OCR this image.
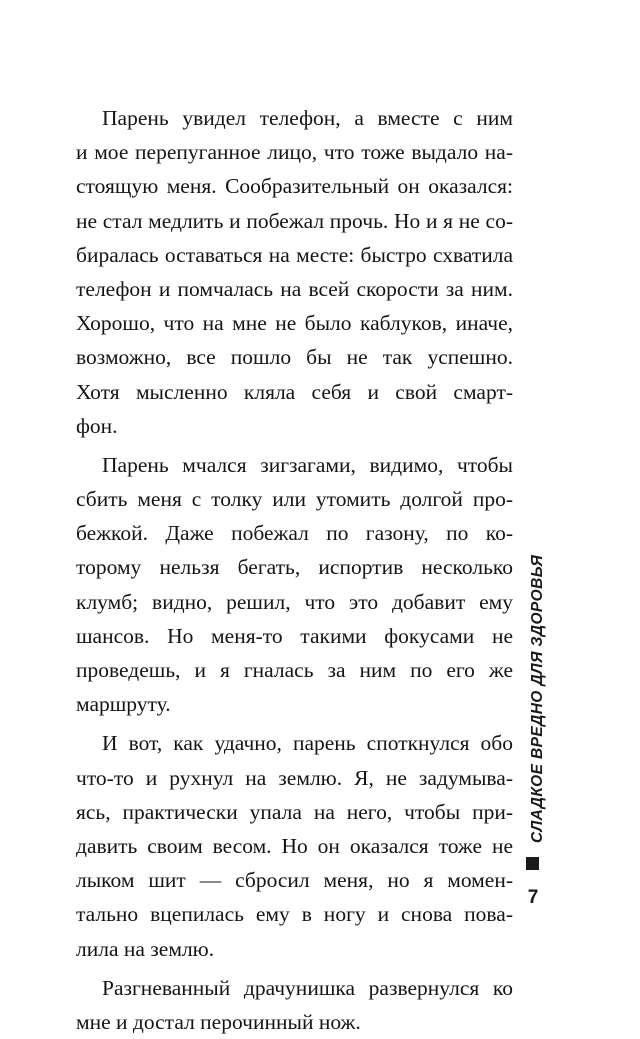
Парень увидел телефон, а вместе с ним
и мое перепуганное лицо, что тоже выдало на-
стоящую меня. Сообразительный он оказался:
не стал медлить и побежал прочь. Но и я не со-
биралась оставаться на месте: быстро схватила
телефон и помчалась на всей скорости за ним.
Хорошо, что на мне не было каблуков, иначе,
возможно, все пошло бы не так успешно.
Хотя мысленно кляла себя и свой смарт-
фон.
Парень мчался зигзагами, видимо, чтобы
сбить меня с толку или утомить долгой про-
бежкой. Даже побежал по газону, по ко-
торому нельзя бегать, испортив несколько
клумб; видно, решил, что это добавит ему
шансов. Но меня-то такими фокусами не
проведешь, и я гналась за ним по его же
маршруту.
И вот, как удачно, парень споткнулся обо
что-то и рухнул на землю. Я, не задумыва-
ясь, практически упала на него, чтобы при-
давить своим весом. Но он оказался тоже не
лыком шит — сбросил меня, но я момен-
тально вцепилась ему в ногу и снова пова-
лила на землю.
Разгневанный драчунишка развернулся ко
мне и достал перочинный нож.
СЛАДКОЕ ВРЕДНО ДЛЯ ЗДОРОВЬЯ
7
